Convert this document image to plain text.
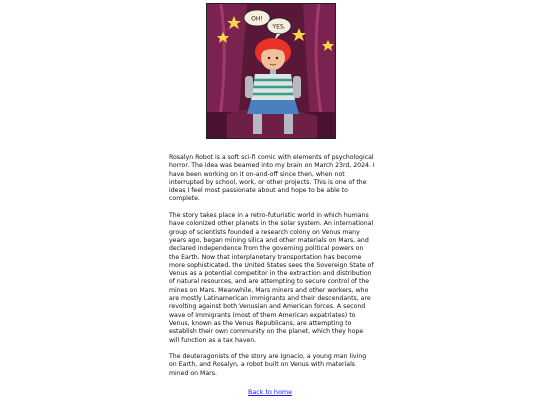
OH!
YES.

Rosalyn Robot is a soft sci-fi comic with elements of psychological horror. The idea was beamed into my brain on March 23rd, 2024. I have been working on it on-and-off since then, when not interrupted by school, work, or other projects. This is one of the ideas I feel most passionate about and hope to be able to complete.

The story takes place in a retro-futuristic world in which humans have colonized other planets in the solar system. An international group of scientists founded a research colony on Venus many years ago, began mining silica and other materials on Mars, and declared independence from the governing political powers on the Earth. Now that interplanetary transportation has become more sophisticated, the United States sees the Sovereign State of Venus as a potential competitor in the extraction and distribution of natural resources, and are attempting to secure control of the mines on Mars. Meanwhile, Mars miners and other workers, who are mostly Latinamerican immigrants and their descendants, are revolting against both Venusian and American forces. A second wave of immigrants (most of them American expatriates) to Venus, known as the Venus Republicans, are attempting to establish their own community on the planet, which they hope will function as a tax haven.

The deuteragonists of the story are Ignacio, a young man living on Earth, and Rosalyn, a robot built on Venus with materials mined on Mars.

Back to home
